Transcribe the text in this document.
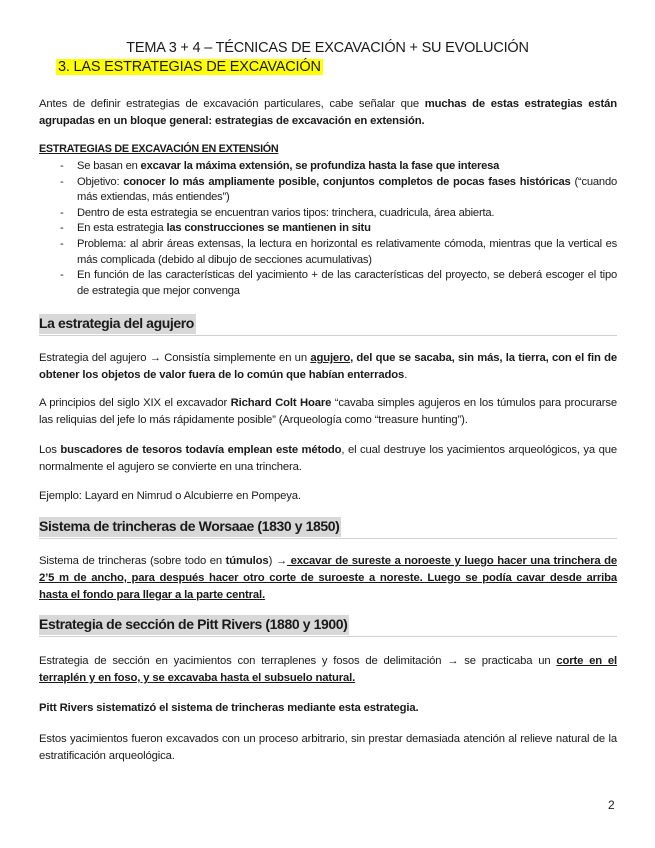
TEMA 3 + 4 – TÉCNICAS DE EXCAVACIÓN + SU EVOLUCIÓN
3. LAS ESTRATEGIAS DE EXCAVACIÓN
Antes de definir estrategias de excavación particulares, cabe señalar que muchas de estas estrategias están agrupadas en un bloque general: estrategias de excavación en extensión.
ESTRATEGIAS DE EXCAVACIÓN EN EXTENSIÓN
- Se basan en excavar la máxima extensión, se profundiza hasta la fase que interesa
- Objetivo: conocer lo más ampliamente posible, conjuntos completos de pocas fases históricas (“cuando más extiendas, más entiendes”)
- Dentro de esta estrategia se encuentran varios tipos: trinchera, cuadricula, área abierta.
- En esta estrategia las construcciones se mantienen in situ
- Problema: al abrir áreas extensas, la lectura en horizontal es relativamente cómoda, mientras que la vertical es más complicada (debido al dibujo de secciones acumulativas)
- En función de las características del yacimiento + de las características del proyecto, se deberá escoger el tipo de estrategia que mejor convenga
La estrategia del agujero
Estrategia del agujero → Consistía simplemente en un agujero, del que se sacaba, sin más, la tierra, con el fin de obtener los objetos de valor fuera de lo común que habían enterrados.
A principios del siglo XIX el excavador Richard Colt Hoare “cavaba simples agujeros en los túmulos para procurarse las reliquias del jefe lo más rápidamente posible” (Arqueología como “treasure hunting”).
Los buscadores de tesoros todavía emplean este método, el cual destruye los yacimientos arqueológicos, ya que normalmente el agujero se convierte en una trinchera.
Ejemplo: Layard en Nimrud o Alcubierre en Pompeya.
Sistema de trincheras de Worsaae (1830 y 1850)
Sistema de trincheras (sobre todo en túmulos) → excavar de sureste a noroeste y luego hacer una trinchera de 2’5 m de ancho, para después hacer otro corte de suroeste a noreste. Luego se podía cavar desde arriba hasta el fondo para llegar a la parte central.
Estrategia de sección de Pitt Rivers (1880 y 1900)
Estrategia de sección en yacimientos con terraplenes y fosos de delimitación → se practicaba un corte en el terraplén y en foso, y se excavaba hasta el subsuelo natural.
Pitt Rivers sistematizó el sistema de trincheras mediante esta estrategia.
Estos yacimientos fueron excavados con un proceso arbitrario, sin prestar demasiada atención al relieve natural de la estratificación arqueológica.
2
